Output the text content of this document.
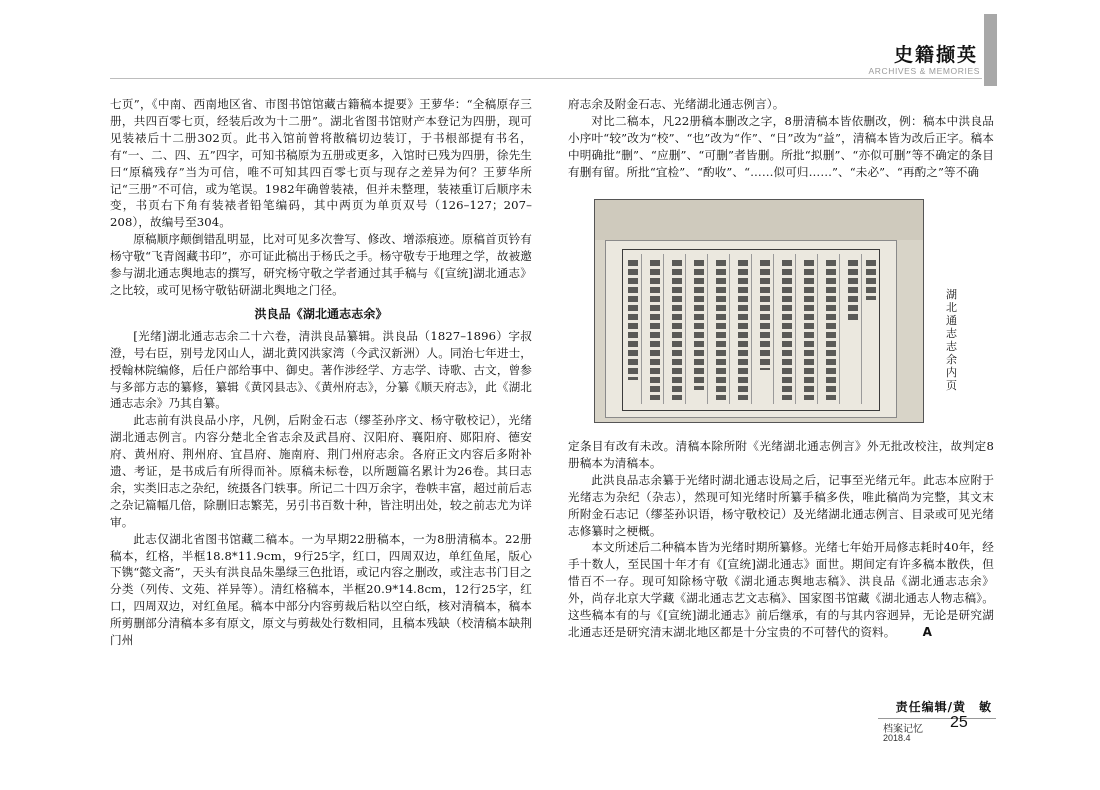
史籍撷英
ARCHIVES & MEMORIES

七页”，《中南、西南地区省、市图书馆馆藏古籍稿本提要》王萝华：“全稿原存三册，共四百零七页，经装后改为十二册”。湖北省图书馆财产本登记为四册，现可见装裱后十二册302页。此书入馆前曾将散稿切边装订，于书根部提有书名，有“一、二、四、五”四字，可知书稿原为五册或更多，入馆时已残为四册，徐先生曰“原稿残存”当为可信，唯不可知其四百零七页与现存之差异为何？王萝华所记“三册”不可信，或为笔误。1982年确曾装裱，但并未整理，装裱重订后顺序未变，书页右下角有装裱者铅笔编码，其中两页为单页双号（126–127；207–208），故编号至304。

原稿顺序颠倒错乱明显，比对可见多次誊写、修改、增添痕迹。原稿首页钤有杨守敬“飞青阁藏书印”，亦可证此稿出于杨氏之手。杨守敬专于地理之学，故被邀参与湖北通志舆地志的撰写，研究杨守敬之学者通过其手稿与《[宣统]湖北通志》之比较，或可见杨守敬钻研湖北舆地之门径。

洪良品《湖北通志志余》

[光绪]湖北通志志余二十六卷，清洪良品纂辑。洪良品（1827–1896）字叔澄，号右臣，别号龙冈山人，湖北黄冈洪家湾（今武汉新洲）人。同治七年进士，授翰林院编修，后任户部给事中、御史。著作涉经学、方志学、诗歌、古文，曾参与多部方志的纂修，纂辑《黄冈县志》、《黄州府志》，分纂《顺天府志》，此《湖北通志志余》乃其自纂。

此志前有洪良品小序，凡例，后附金石志（缪荃孙序文、杨守敬校记），光绪湖北通志例言。内容分楚北全省志余及武昌府、汉阳府、襄阳府、郧阳府、德安府、黄州府、荆州府、宜昌府、施南府、荆门州府志余。各府正文内容后多附补遗、考证，是书成后有所得而补。原稿未标卷，以所题篇名累计为26卷。其曰志余，实类旧志之杂纪，统摄各门轶事。所记二十四万余字，卷帙丰富，超过前后志之杂记篇幅几倍，除删旧志繁芜，另引书百数十种，皆注明出处，较之前志尤为详审。

此志仅湖北省图书馆藏二稿本。一为早期22册稿本，一为8册清稿本。22册稿本，红格，半框18.8*11.9cm，9行25字，红口，四周双边，单红鱼尾，版心下镌“懿文斋”，天头有洪良品朱墨绿三色批语，或记内容之删改，或注志书门目之分类（列传、文苑、祥异等）。清红格稿本，半框20.9*14.8cm，12行25字，红口，四周双边，对红鱼尾。稿本中部分内容剪裁后粘以空白纸，核对清稿本，稿本所剪删部分清稿本多有原文，原文与剪裁处行数相同，且稿本残缺（校清稿本缺荆门州

府志余及附金石志、光绪湖北通志例言）。

对比二稿本，凡22册稿本删改之字，8册清稿本皆依删改，例：稿本中洪良品小序叶“较”改为“校”、“也”改为“作”、“日”改为“益”，清稿本皆为改后正字。稿本中明确批“删”、“应删”、“可删”者皆删。所批“拟删”、“亦似可删”等不确定的条目有删有留。所批“宜检”、“酌收”、“……似可归……”、“未必”、“再酌之”等不确

湖北通志志余内页

定条目有改有未改。清稿本除所附《光绪湖北通志例言》外无批改校注，故判定8册稿本为清稿本。

此洪良品志余纂于光绪时湖北通志设局之后，记事至光绪元年。此志本应附于光绪志为杂纪（杂志），然现可知光绪时所纂手稿多佚，唯此稿尚为完整，其文末所附金石志记（缪荃孙识语，杨守敬校记）及光绪湖北通志例言、目录或可见光绪志修纂时之梗概。

本文所述后二种稿本皆为光绪时期所纂修。光绪七年始开局修志耗时40年，经手十数人，至民国十年才有《[宣统]湖北通志》面世。期间定有许多稿本散佚，但惜百不一存。现可知除杨守敬《湖北通志舆地志稿》、洪良品《湖北通志志余》外，尚存北京大学藏《湖北通志艺文志稿》、国家图书馆藏《湖北通志人物志稿》。这些稿本有的与《[宣统]湖北通志》前后继承，有的与其内容迥异，无论是研究湖北通志还是研究清末湖北地区都是十分宝贵的不可替代的资料。 A

责任编辑/黄　敏
档案记忆 25
2018.4
